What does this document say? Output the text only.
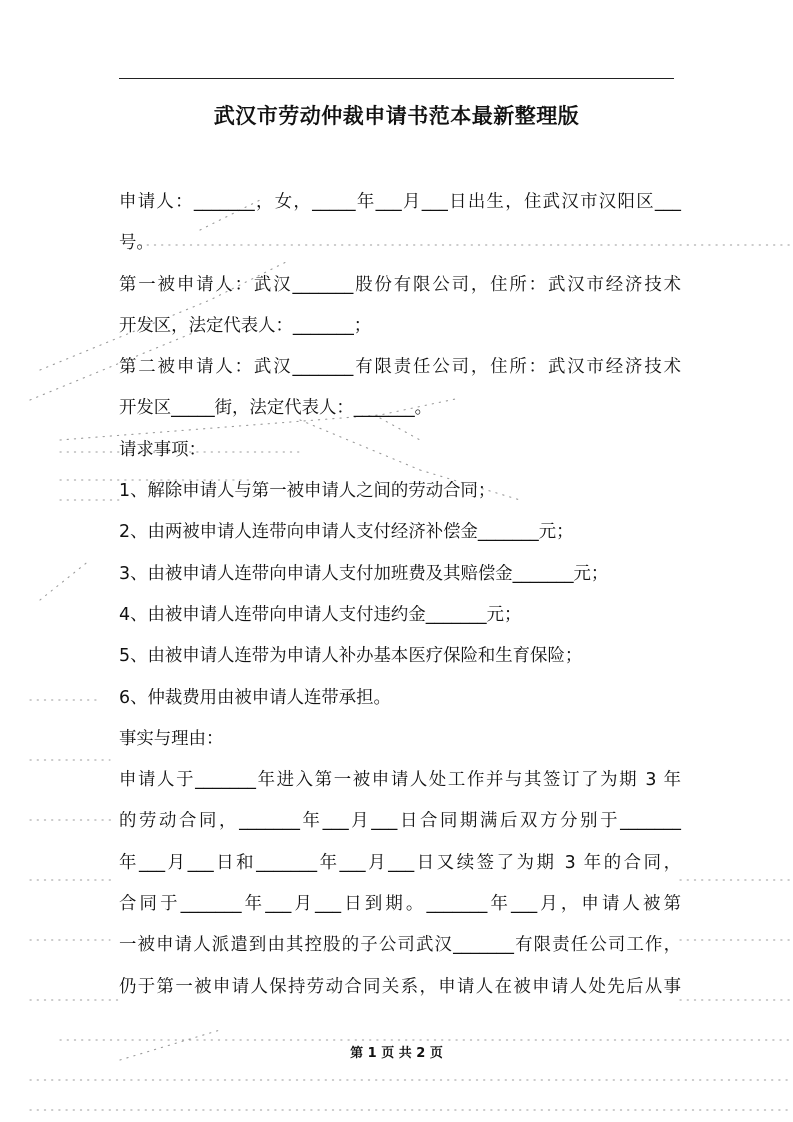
武汉市劳动仲裁申请书范本最新整理版
申请人：_______，女，_____年___月___日出生，住武汉市汉阳区___
号。
第一被申请人：武汉_______股份有限公司，住所：武汉市经济技术
开发区，法定代表人：_______；
第二被申请人：武汉_______有限责任公司，住所：武汉市经济技术
开发区_____街，法定代表人：_______。
请求事项：
1、解除申请人与第一被申请人之间的劳动合同；
2、由两被申请人连带向申请人支付经济补偿金_______元；
3、由被申请人连带向申请人支付加班费及其赔偿金_______元；
4、由被申请人连带向申请人支付违约金_______元；
5、由被申请人连带为申请人补办基本医疗保险和生育保险；
6、仲裁费用由被申请人连带承担。
事实与理由：
申请人于_______年进入第一被申请人处工作并与其签订了为期 3 年
的劳动合同，_______年___月___日合同期满后双方分别于_______
年___月___日和_______年___月___日又续签了为期 3 年的合同，
合同于_______年___月___日到期。_______年___月，申请人被第
一被申请人派遣到由其控股的子公司武汉_______有限责任公司工作，
仍于第一被申请人保持劳动合同关系，申请人在被申请人处先后从事
第 1 页 共 2 页
